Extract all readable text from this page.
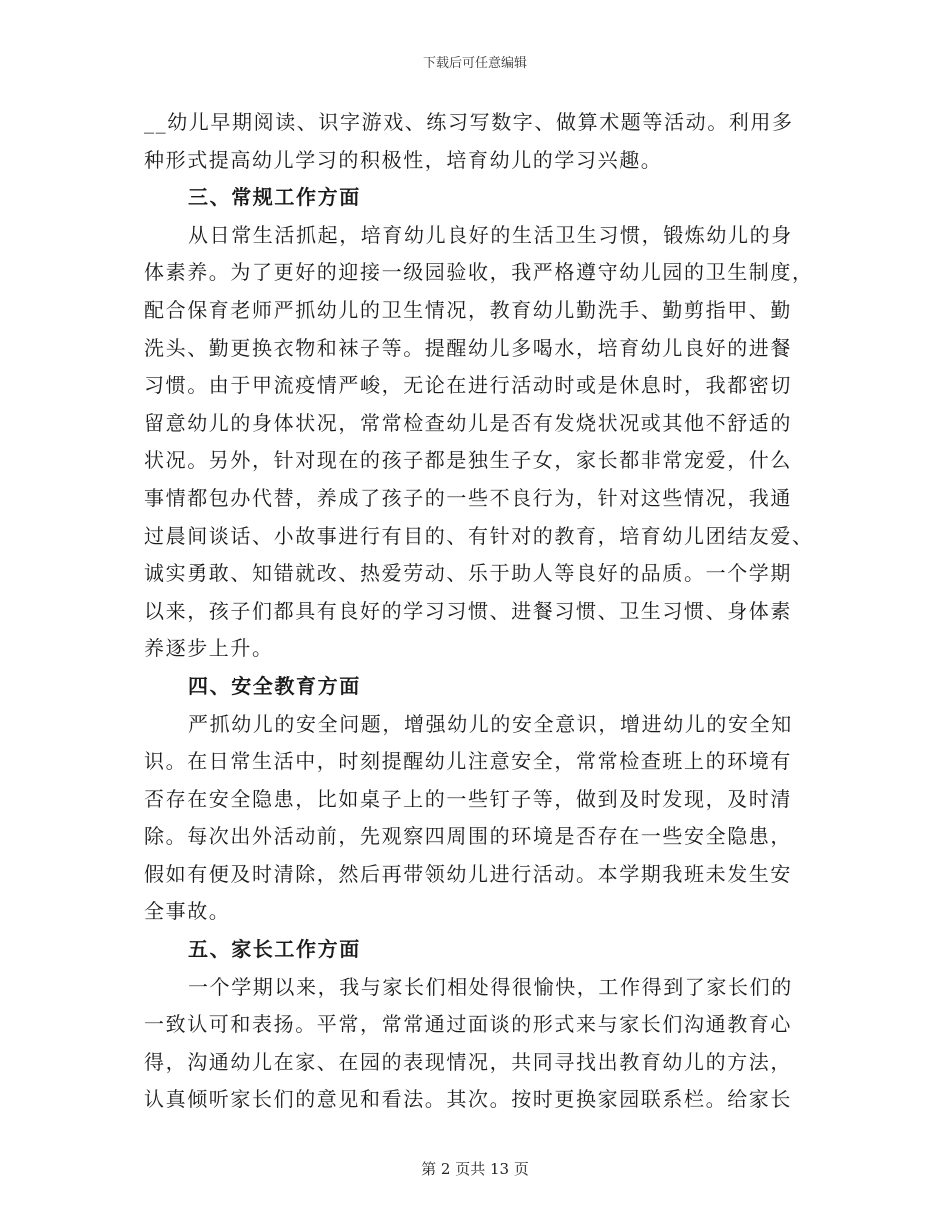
下载后可任意编辑
__幼儿早期阅读、识字游戏、练习写数字、做算术题等活动。利用多
种形式提高幼儿学习的积极性，培育幼儿的学习兴趣。
三、常规工作方面
从日常生活抓起，培育幼儿良好的生活卫生习惯，锻炼幼儿的身
体素养。为了更好的迎接一级园验收，我严格遵守幼儿园的卫生制度，
配合保育老师严抓幼儿的卫生情况，教育幼儿勤洗手、勤剪指甲、勤
洗头、勤更换衣物和袜子等。提醒幼儿多喝水，培育幼儿良好的进餐
习惯。由于甲流疫情严峻，无论在进行活动时或是休息时，我都密切
留意幼儿的身体状况，常常检查幼儿是否有发烧状况或其他不舒适的
状况。另外，针对现在的孩子都是独生子女，家长都非常宠爱，什么
事情都包办代替，养成了孩子的一些不良行为，针对这些情况，我通
过晨间谈话、小故事进行有目的、有针对的教育，培育幼儿团结友爱、
诚实勇敢、知错就改、热爱劳动、乐于助人等良好的品质。一个学期
以来，孩子们都具有良好的学习习惯、进餐习惯、卫生习惯、身体素
养逐步上升。
四、安全教育方面
严抓幼儿的安全问题，增强幼儿的安全意识，增进幼儿的安全知
识。在日常生活中，时刻提醒幼儿注意安全，常常检查班上的环境有
否存在安全隐患，比如桌子上的一些钉子等，做到及时发现，及时清
除。每次出外活动前，先观察四周围的环境是否存在一些安全隐患，
假如有便及时清除，然后再带领幼儿进行活动。本学期我班未发生安
全事故。
五、家长工作方面
一个学期以来，我与家长们相处得很愉快，工作得到了家长们的
一致认可和表扬。平常，常常通过面谈的形式来与家长们沟通教育心
得，沟通幼儿在家、在园的表现情况，共同寻找出教育幼儿的方法，
认真倾听家长们的意见和看法。其次。按时更换家园联系栏。给家长
第 2 页共 13 页
